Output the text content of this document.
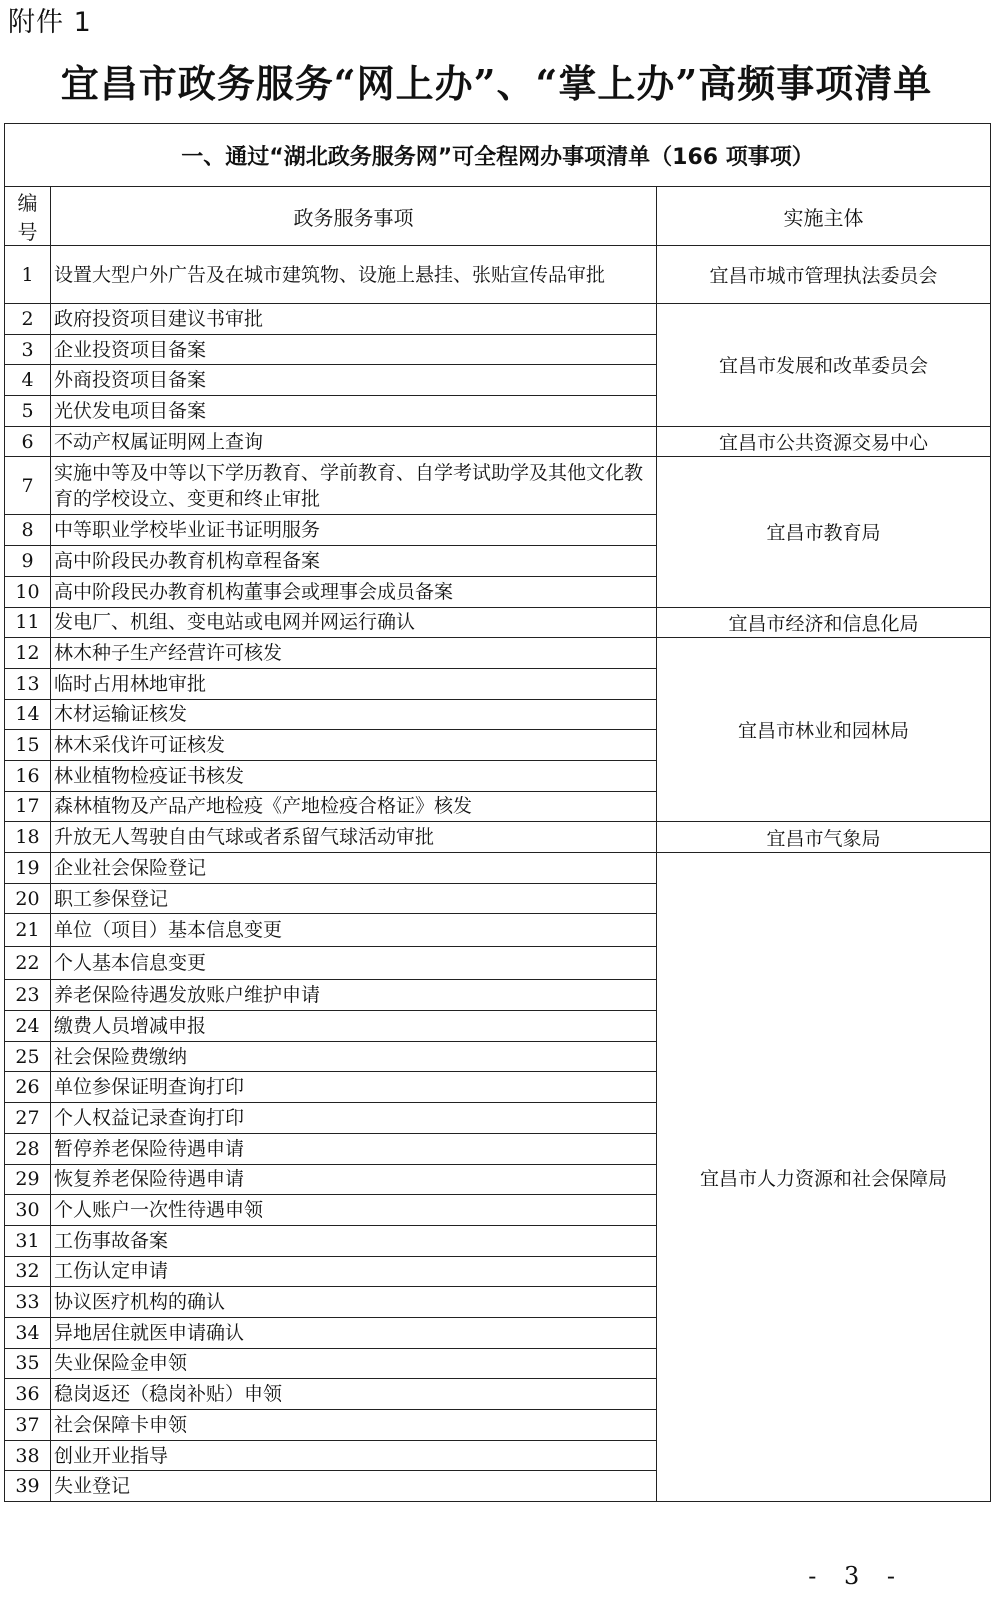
附件 1
宜昌市政务服务“网上办”、“掌上办”高频事项清单
一、通过“湖北政务服务网”可全程网办事项清单（166 项事项）		
编号	政务服务事项	实施主体
1	设置大型户外广告及在城市建筑物、设施上悬挂、张贴宣传品审批	宜昌市城市管理执法委员会
2	政府投资项目建议书审批	宜昌市发展和改革委员会
3	企业投资项目备案	
4	外商投资项目备案	
5	光伏发电项目备案	
6	不动产权属证明网上查询	宜昌市公共资源交易中心
7	实施中等及中等以下学历教育、学前教育、自学考试助学及其他文化教育的学校设立、变更和终止审批	宜昌市教育局
8	中等职业学校毕业证书证明服务	
9	高中阶段民办教育机构章程备案	
10	高中阶段民办教育机构董事会或理事会成员备案	
11	发电厂、机组、变电站或电网并网运行确认	宜昌市经济和信息化局
12	林木种子生产经营许可核发	宜昌市林业和园林局
13	临时占用林地审批	
14	木材运输证核发	
15	林木采伐许可证核发	
16	林业植物检疫证书核发	
17	森林植物及产品产地检疫《产地检疫合格证》核发	
18	升放无人驾驶自由气球或者系留气球活动审批	宜昌市气象局
19	企业社会保险登记	宜昌市人力资源和社会保障局
20	职工参保登记	
21	单位（项目）基本信息变更	
22	个人基本信息变更	
23	养老保险待遇发放账户维护申请	
24	缴费人员增减申报	
25	社会保险费缴纳	
26	单位参保证明查询打印	
27	个人权益记录查询打印	
28	暂停养老保险待遇申请	
29	恢复养老保险待遇申请	
30	个人账户一次性待遇申领	
31	工伤事故备案	
32	工伤认定申请	
33	协议医疗机构的确认	
34	异地居住就医申请确认	
35	失业保险金申领	
36	稳岗返还（稳岗补贴）申领	
37	社会保障卡申领	
38	创业开业指导	
39	失业登记	
- 3 -
